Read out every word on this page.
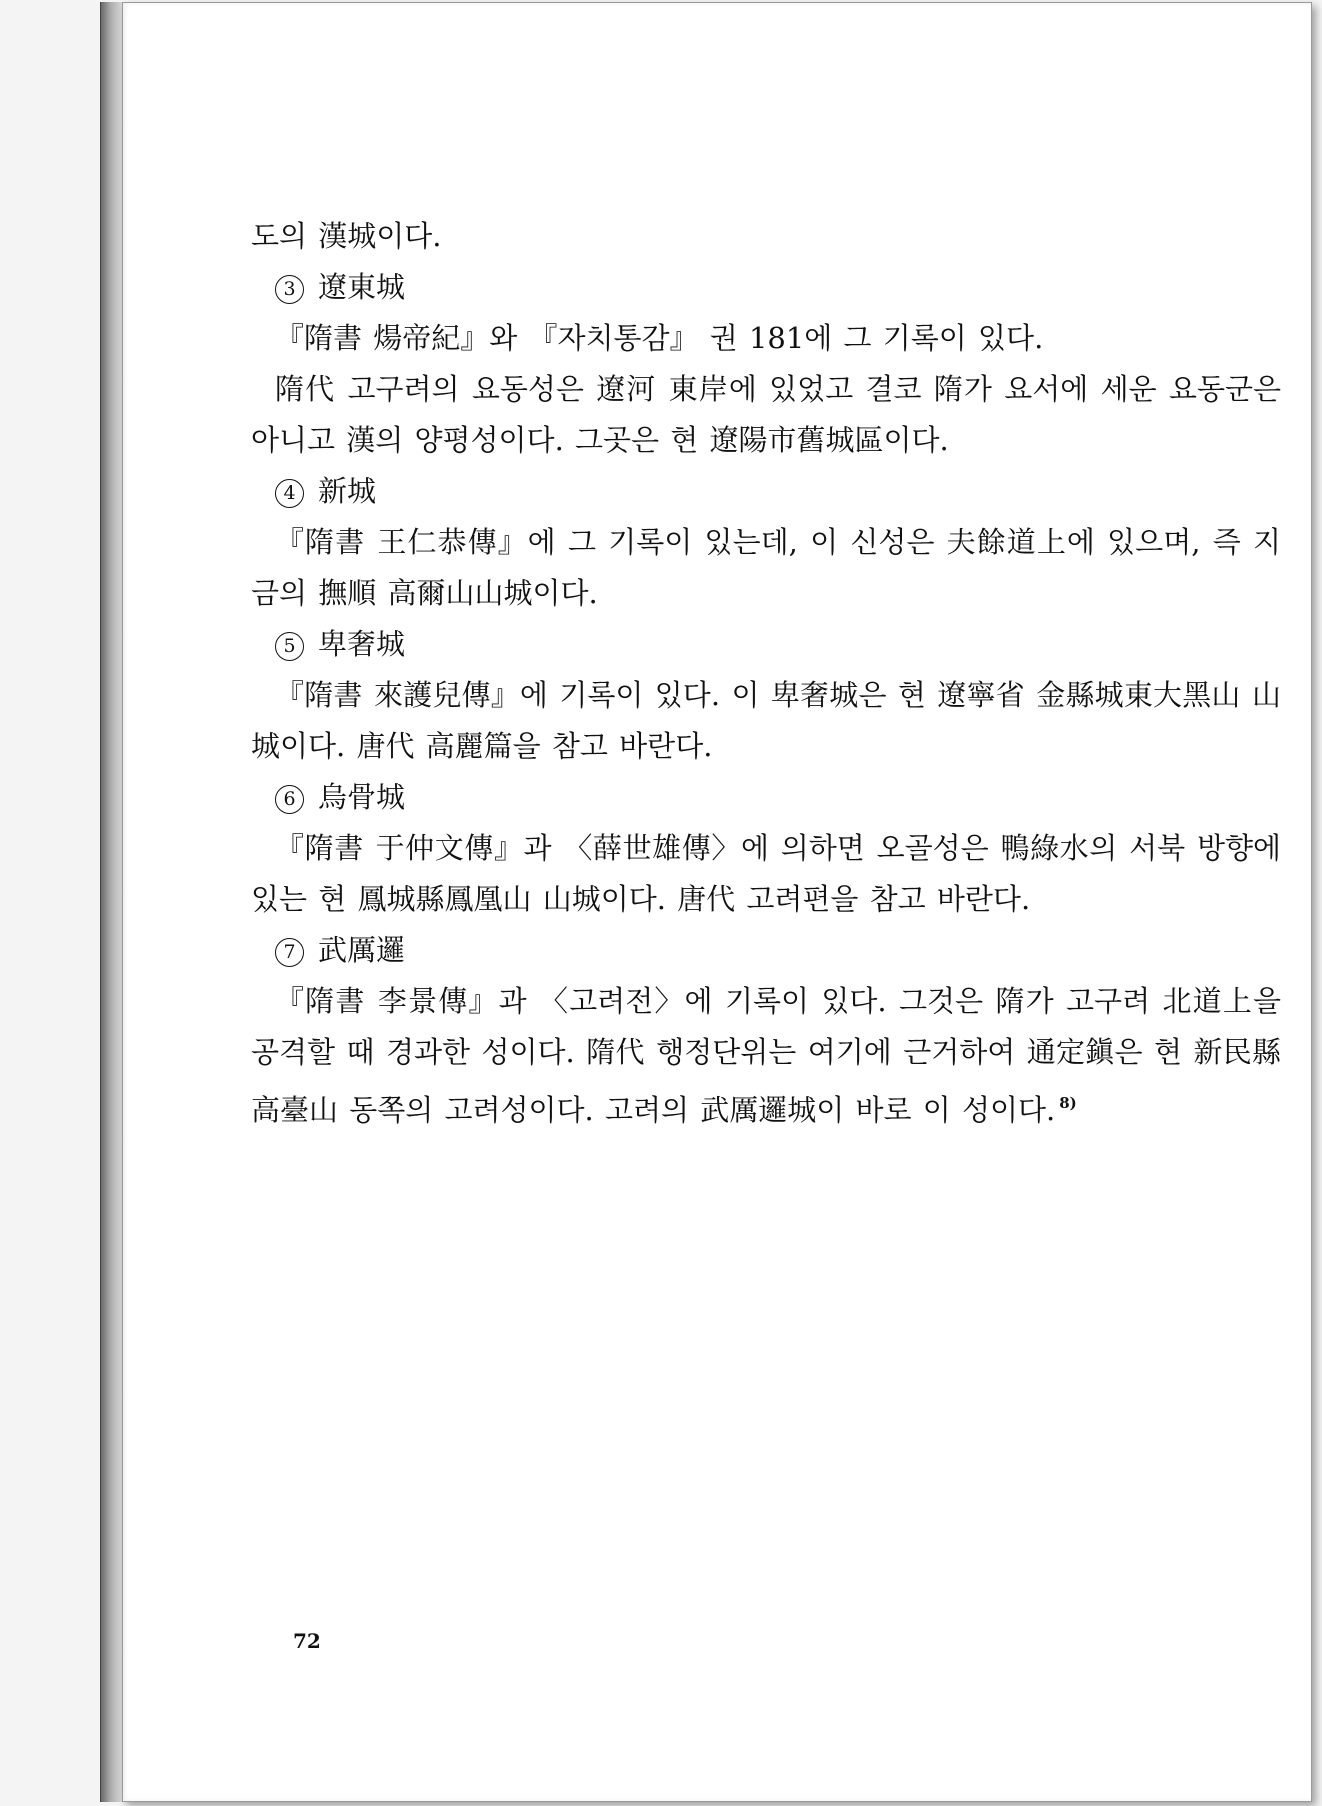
도의 漢城이다.

3 遼東城

『隋書 煬帝紀』와 『자치통감』 권 181에 그 기록이 있다.

隋代 고구려의 요동성은 遼河 東岸에 있었고 결코 隋가 요서에 세운 요동군은 아니고 漢의 양평성이다. 그곳은 현 遼陽市舊城區이다.

4 新城

『隋書 王仁恭傳』에 그 기록이 있는데, 이 신성은 夫餘道上에 있으며, 즉 지금의 撫順 高爾山山城이다.

5 卑奢城

『隋書 來護兒傳』에 기록이 있다. 이 卑奢城은 현 遼寧省 金縣城東大黑山 山城이다. 唐代 高麗篇을 참고 바란다.

6 烏骨城

『隋書 于仲文傳』과 〈薛世雄傳〉에 의하면 오골성은 鴨綠水의 서북 방향에 있는 현 鳳城縣鳳凰山 山城이다. 唐代 고려편을 참고 바란다.

7 武厲邏

『隋書 李景傳』과 〈고려전〉에 기록이 있다. 그것은 隋가 고구려 北道上을 공격할 때 경과한 성이다. 隋代 행정단위는 여기에 근거하여 通定鎭은 현 新民縣 高臺山 동쪽의 고려성이다. 고려의 武厲邏城이 바로 이 성이다. $^{8)}$

72
